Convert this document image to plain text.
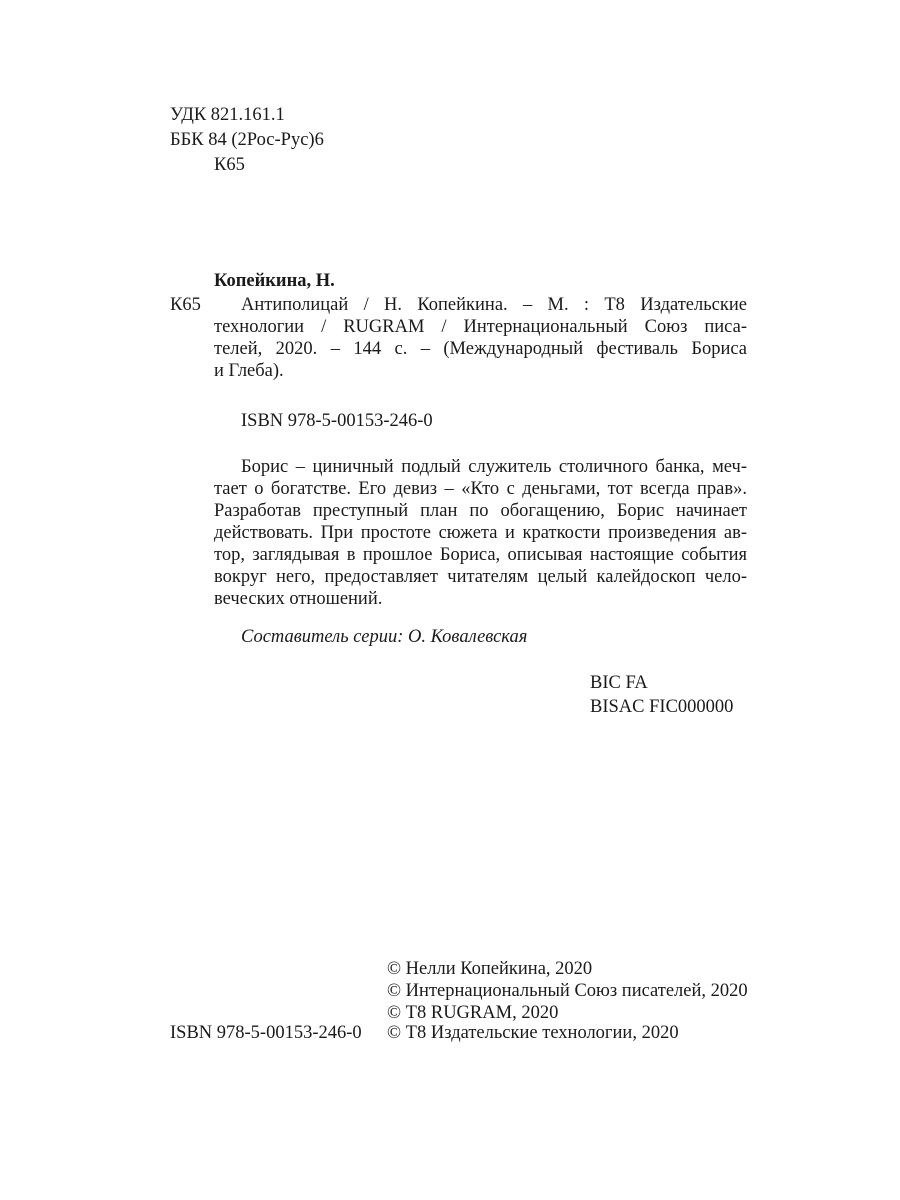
УДК 821.161.1
ББК 84 (2Рос-Рус)6
К65
Копейкина, Н.
К65 Антиполицай / Н. Копейкина. – М. : Т8 Издательские
технологии / RUGRAM / Интернациональный Союз писа-
телей, 2020. – 144 с. – (Международный фестиваль Бориса
и Глеба).
ISBN 978-5-00153-246-0
Борис – циничный подлый служитель столичного банка, меч-
тает о богатстве. Его девиз – «Кто с деньгами, тот всегда прав».
Разработав преступный план по обогащению, Борис начинает
действовать. При простоте сюжета и краткости произведения ав-
тор, заглядывая в прошлое Бориса, описывая настоящие события
вокруг него, предоставляет читателям целый калейдоскоп чело-
веческих отношений.
Составитель серии: О. Ковалевская
BIC FA
BISAC FIC000000
© Нелли Копейкина, 2020
© Интернациональный Союз писателей, 2020
© Т8 RUGRAM, 2020
© Т8 Издательские технологии, 2020
ISBN 978-5-00153-246-0
